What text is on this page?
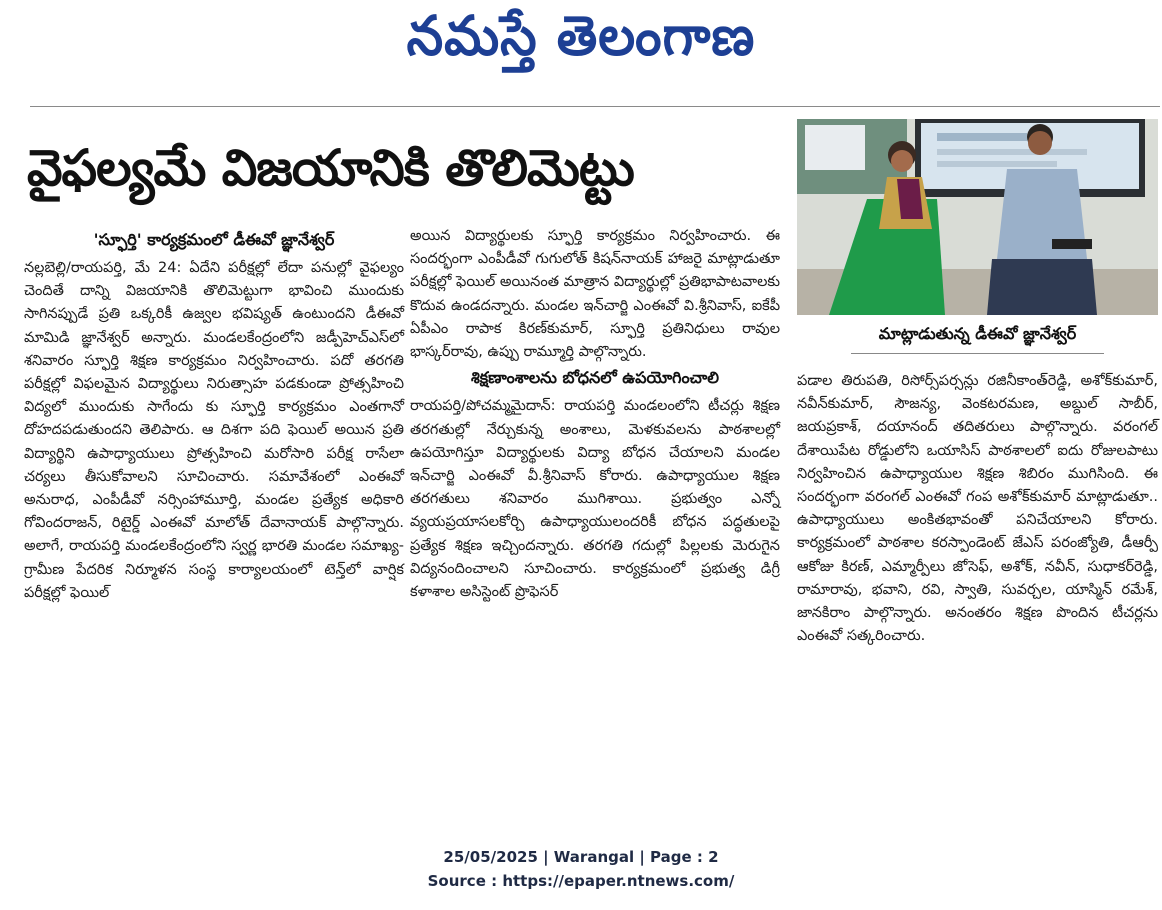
నమస్తే తెలంగాణ
వైఫల్యమే విజయానికి తొలిమెట్టు
మాట్లాడుతున్న డీఈవో జ్ఞానేశ్వర్
'స్ఫూర్తి' కార్యక్రమంలో డీఈవో జ్ఞానేశ్వర్
నల్లబెల్లి/రాయపర్తి, మే 24: ఏదేని పరీక్షల్లో లేదా పనుల్లో వైఫల్యం చెందితే దాన్ని విజయానికి తొలిమెట్టుగా భావించి ముందుకు సాగినప్పుడే ప్రతి ఒక్కరికీ ఉజ్వల భవిష్యత్ ఉంటుందని డీఈవో మామిడి జ్ఞానేశ్వర్ అన్నారు. మండలకేంద్రంలోని జడ్పీహెచ్ఎస్‌లో శనివారం స్ఫూర్తి శిక్షణ కార్యక్రమం నిర్వహించారు. పదో తరగతి పరీక్షల్లో విఫలమైన విద్యార్థులు నిరుత్సాహ పడకుండా ప్రోత్సహించి విద్యలో ముందుకు సాగేందు కు స్ఫూర్తి కార్యక్రమం ఎంతగానో దోహదపడుతుందని తెలిపారు. ఆ దిశగా పది ఫెయిల్ అయిన ప్రతి విద్యార్థిని ఉపాధ్యాయులు ప్రోత్సహించి మరోసారి పరీక్ష రాసేలా చర్యలు తీసుకోవాలని సూచించారు. సమావేశంలో ఎంఈవో అనురాధ, ఎంపీడీవో నర్సింహామూర్తి, మండల ప్రత్యేక అధికారి గోవిందరాజన్, రిటైర్డ్ ఎంఈవో మాలోత్ దేవానాయక్ పాల్గొన్నారు. అలాగే, రాయపర్తి మండలకేంద్రంలోని స్వర్ణ భారతి మండల సమాఖ్య-గ్రామీణ పేదరిక నిర్మూళన సంస్థ కార్యాలయంలో టెన్త్‌లో వార్షిక పరీక్షల్లో ఫెయిల్
అయిన విద్యార్థులకు స్ఫూర్తి కార్యక్రమం నిర్వహించారు. ఈ సందర్భంగా ఎంపీడీవో గుగులోత్ కిషన్‌నాయక్ హాజరై మాట్లాడుతూ పరీక్షల్లో ఫెయిల్ అయినంత మాత్రాన విద్యార్థుల్లో ప్రతిభాపాటవాలకు కొదువ ఉండదన్నారు. మండల ఇన్‌చార్జి ఎంఈవో వి.శ్రీనివాస్, ఐకేపీ ఏపీఎం రాపాక కిరణ్‌కుమార్, స్ఫూర్తి ప్రతినిధులు రావుల భాస్కర్‌రావు, ఉప్పు రామ్మూర్తి పాల్గొన్నారు.
శిక్షణాంశాలను బోధనలో ఉపయోగించాలి
రాయపర్తి/పోచమ్మమైదాన్: రాయపర్తి మండలంలోని టీచర్లు శిక్షణ తరగతుల్లో నేర్చుకున్న అంశాలు, మెళకువలను పాఠశాలల్లో ఉపయోగిస్తూ విద్యార్థులకు విద్యా బోధన చేయాలని మండల ఇన్‌చార్జి ఎంఈవో వీ.శ్రీనివాస్ కోరారు. ఉపాధ్యాయుల శిక్షణ తరగతులు శనివారం ముగిశాయి. ప్రభుత్వం ఎన్నో వ్యయప్రయాసలకోర్చి ఉపాధ్యాయులందరికీ బోధన పద్ధతులపై ప్రత్యేక శిక్షణ ఇచ్చిందన్నారు. తరగతి గదుల్లో పిల్లలకు మెరుగైన విద్యనందించాలని సూచించారు. కార్యక్రమంలో ప్రభుత్వ డిగ్రీ కళాశాల అసిస్టెంట్ ప్రొఫెసర్
పడాల తిరుపతి, రిసోర్స్‌పర్సన్లు రజినీకాంత్‌రెడ్డి, అశోక్‌కుమార్, నవీన్‌కుమార్, సౌజన్య, వెంకటరమణ, అబ్దుల్ సాబీర్, జయప్రకాశ్, దయానంద్ తదితరులు పాల్గొన్నారు. వరంగల్ దేశాయిపేట రోడ్డులోని ఒయాసిస్ పాఠశాలలో ఐదు రోజులపాటు నిర్వహించిన ఉపాధ్యాయుల శిక్షణ శిబిరం ముగిసింది. ఈ సందర్భంగా వరంగల్ ఎంఈవో గంప అశోక్‌కుమార్ మాట్లాడుతూ.. ఉపాధ్యాయులు అంకితభావంతో పనిచేయాలని కోరారు. కార్యక్రమంలో పాఠశాల కరస్పాండెంట్ జేఎస్ పరంజ్యోతి, డీఆర్పీ ఆకోజు కిరణ్, ఎమ్మార్పీలు జోసెఫ్, అశోక్, నవీన్, సుధాకర్‌రెడ్డి, రామారావు, భవాని, రవి, స్వాతి, సువర్చల, యాస్మిన్ రమేశ్, జానకిరాం పాల్గొన్నారు. అనంతరం శిక్షణ పొందిన టీచర్లను ఎంఈవో సత్కరించారు.
25/05/2025 | Warangal | Page : 2
Source : https://epaper.ntnews.com/
